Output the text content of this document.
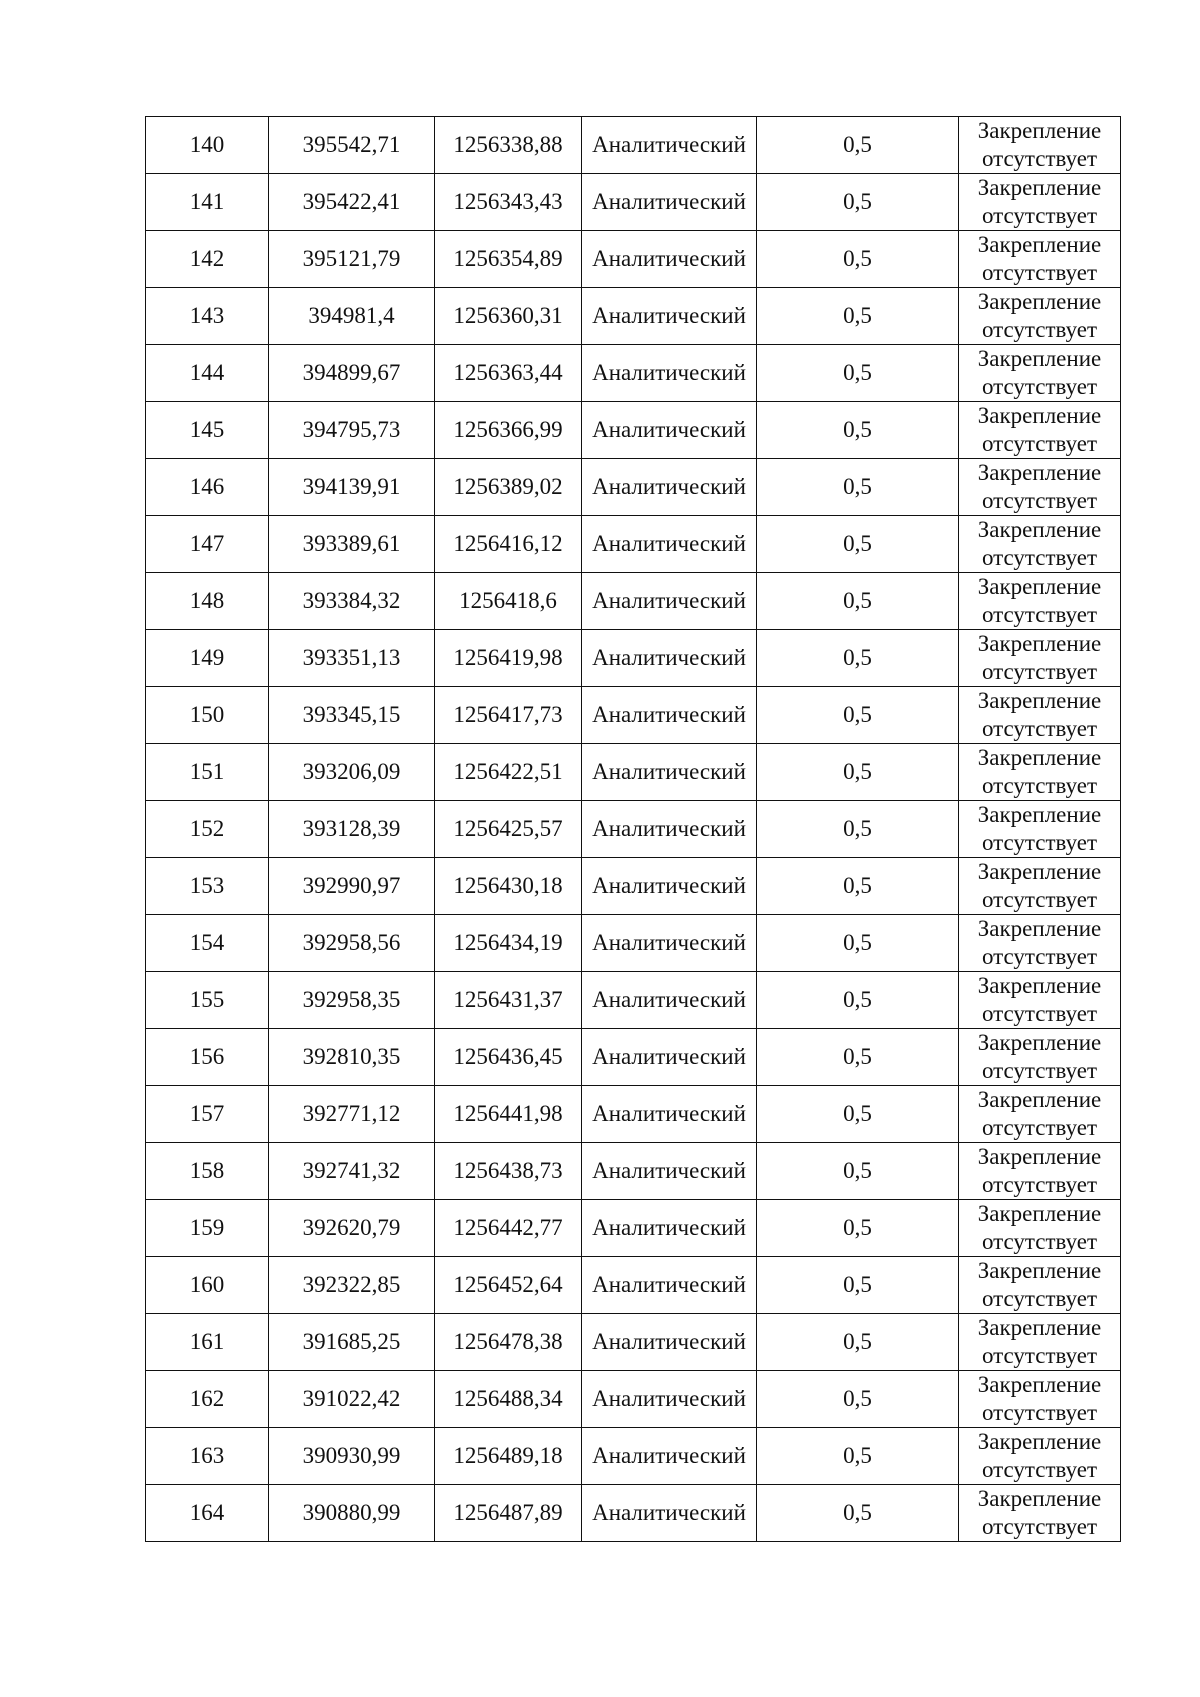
140	395542,71	1256338,88	Аналитический	0,5	Закрепление
отсутствует

141	395422,41	1256343,43	Аналитический	0,5	Закрепление
отсутствует

142	395121,79	1256354,89	Аналитический	0,5	Закрепление
отсутствует

143	394981,4	1256360,31	Аналитический	0,5	Закрепление
отсутствует

144	394899,67	1256363,44	Аналитический	0,5	Закрепление
отсутствует

145	394795,73	1256366,99	Аналитический	0,5	Закрепление
отсутствует

146	394139,91	1256389,02	Аналитический	0,5	Закрепление
отсутствует

147	393389,61	1256416,12	Аналитический	0,5	Закрепление
отсутствует

148	393384,32	1256418,6	Аналитический	0,5	Закрепление
отсутствует

149	393351,13	1256419,98	Аналитический	0,5	Закрепление
отсутствует

150	393345,15	1256417,73	Аналитический	0,5	Закрепление
отсутствует

151	393206,09	1256422,51	Аналитический	0,5	Закрепление
отсутствует

152	393128,39	1256425,57	Аналитический	0,5	Закрепление
отсутствует

153	392990,97	1256430,18	Аналитический	0,5	Закрепление
отсутствует

154	392958,56	1256434,19	Аналитический	0,5	Закрепление
отсутствует

155	392958,35	1256431,37	Аналитический	0,5	Закрепление
отсутствует

156	392810,35	1256436,45	Аналитический	0,5	Закрепление
отсутствует

157	392771,12	1256441,98	Аналитический	0,5	Закрепление
отсутствует

158	392741,32	1256438,73	Аналитический	0,5	Закрепление
отсутствует

159	392620,79	1256442,77	Аналитический	0,5	Закрепление
отсутствует

160	392322,85	1256452,64	Аналитический	0,5	Закрепление
отсутствует

161	391685,25	1256478,38	Аналитический	0,5	Закрепление
отсутствует

162	391022,42	1256488,34	Аналитический	0,5	Закрепление
отсутствует

163	390930,99	1256489,18	Аналитический	0,5	Закрепление
отсутствует

164	390880,99	1256487,89	Аналитический	0,5	Закрепление
отсутствует
